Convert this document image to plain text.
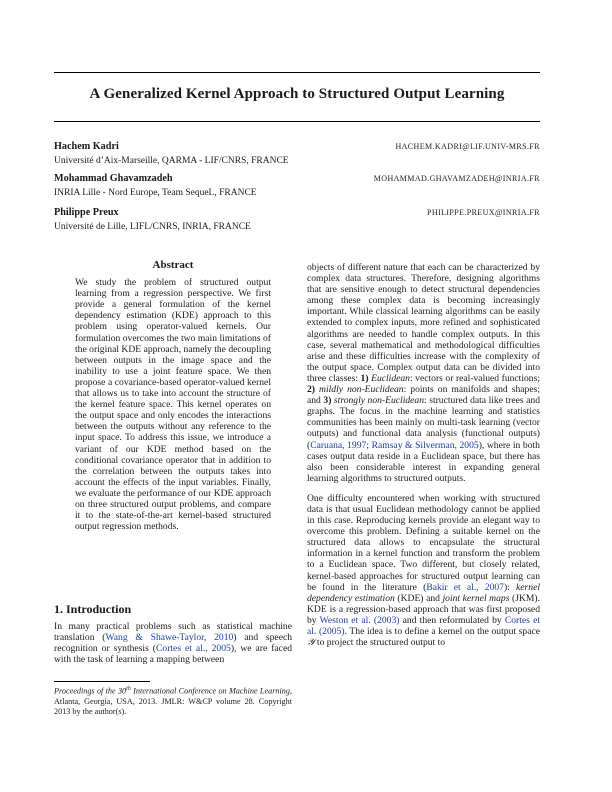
A Generalized Kernel Approach to Structured Output Learning
Hachem Kadri	HACHEM.KADRI@LIF.UNIV-MRS.FR
Université d’Aix-Marseille, QARMA - LIF/CNRS, FRANCE
Mohammad Ghavamzadeh	MOHAMMAD.GHAVAMZADEH@INRIA.FR
INRIA Lille - Nord Europe, Team SequeL, FRANCE
Philippe Preux	PHILIPPE.PREUX@INRIA.FR
Université de Lille, LIFL/CNRS, INRIA, FRANCE
Abstract
We study the problem of structured output learning from a regression perspective. We first provide a general formulation of the kernel dependency estimation (KDE) approach to this problem using operator-valued kernels. Our formulation overcomes the two main limitations of the original KDE approach, namely the decoupling between outputs in the image space and the inability to use a joint feature space. We then propose a covariance-based operator-valued kernel that allows us to take into account the structure of the kernel feature space. This kernel operates on the output space and only encodes the interactions between the outputs without any reference to the input space. To address this issue, we introduce a variant of our KDE method based on the conditional covariance operator that in addition to the correlation between the outputs takes into account the effects of the input variables. Finally, we evaluate the performance of our KDE approach on three structured output problems, and compare it to the state-of-the-art kernel-based structured output regression methods.
1. Introduction

In many practical problems such as statistical machine translation (Wang & Shawe-Taylor, 2010) and speech recognition or synthesis (Cortes et al., 2005), we are faced with the task of learning a mapping between

Proceedings of the 30th International Conference on Machine Learning, Atlanta, Georgia, USA, 2013. JMLR: W&CP volume 28. Copyright 2013 by the author(s).

objects of different nature that each can be characterized by complex data structures. Therefore, designing algorithms that are sensitive enough to detect structural dependencies among these complex data is becoming increasingly important. While classical learning algorithms can be easily extended to complex inputs, more refined and sophisticated algorithms are needed to handle complex outputs. In this case, several mathematical and methodological difficulties arise and these difficulties increase with the complexity of the output space. Complex output data can be divided into three classes: 1) Euclidean: vectors or real-valued functions; 2) mildly non-Euclidean: points on manifolds and shapes; and 3) strongly non-Euclidean: structured data like trees and graphs. The focus in the machine learning and statistics communities has been mainly on multi-task learning (vector outputs) and functional data analysis (functional outputs) (Caruana, 1997; Ramsay & Silverman, 2005), where in both cases output data reside in a Euclidean space, but there has also been considerable interest in expanding general learning algorithms to structured outputs.

One difficulty encountered when working with structured data is that usual Euclidean methodology cannot be applied in this case. Reproducing kernels provide an elegant way to overcome this problem. Defining a suitable kernel on the structured data allows to encapsulate the structural information in a kernel function and transform the problem to a Euclidean space. Two different, but closely related, kernel-based approaches for structured output learning can be found in the literature (Bakir et al., 2007): kernel dependency estimation (KDE) and joint kernel maps (JKM). KDE is a regression-based approach that was first proposed by Weston et al. (2003) and then reformulated by Cortes et al. (2005). The idea is to define a kernel on the output space 𝒴 to project the structured output to
